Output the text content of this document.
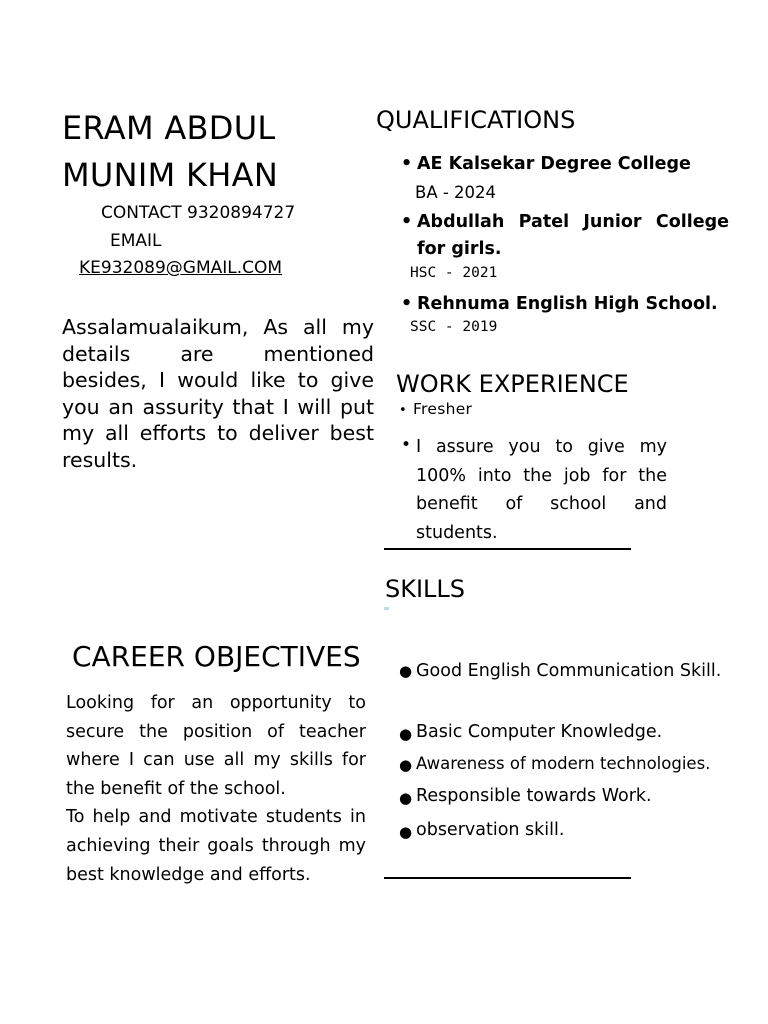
ERAM ABDUL
MUNIM KHAN
CONTACT 9320894727
EMAIL
KE932089@GMAIL.COM
Assalamualaikum, As all my details are mentioned besides, I would like to give you an assurity that I will put my all efforts to deliver best results.
CAREER OBJECTIVES
Looking for an opportunity to secure the position of teacher where I can use all my skills for the benefit of the school.
To help and motivate students in achieving their goals through my best knowledge and efforts.
QUALIFICATIONS
• AE Kalsekar Degree College
BA - 2024
• Abdullah Patel Junior College for girls.
HSC - 2021
• Rehnuma English High School.
SSC - 2019
WORK EXPERIENCE
• Fresher
• I assure you to give my 100% into the job for the benefit of school and students.
SKILLS
● Good English Communication Skill.
● Basic Computer Knowledge.
● Awareness of modern technologies.
● Responsible towards Work.
● observation skill.
